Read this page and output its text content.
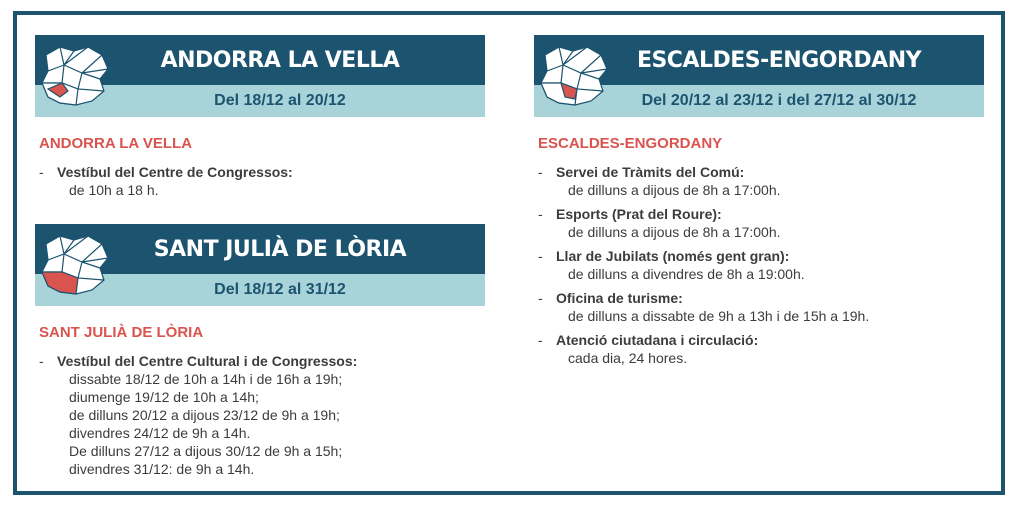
ANDORRA LA VELLA
Del 18/12 al 20/12
ANDORRA LA VELLA
- Vestíbul del Centre de Congressos:
de 10h a 18 h.
SANT JULIÀ DE LÒRIA
Del 18/12 al 31/12
SANT JULIÀ DE LÒRIA
- Vestíbul del Centre Cultural i de Congressos:
dissabte 18/12 de 10h a 14h i de 16h a 19h;
diumenge 19/12 de 10h a 14h;
de dilluns 20/12 a dijous 23/12 de 9h a 19h;
divendres 24/12 de 9h a 14h.
De dilluns 27/12 a dijous 30/12 de 9h a 15h;
divendres 31/12: de 9h a 14h.
ESCALDES-ENGORDANY
Del 20/12 al 23/12 i del 27/12 al 30/12
ESCALDES-ENGORDANY
- Servei de Tràmits del Comú:
de dilluns a dijous de 8h a 17:00h.
- Esports (Prat del Roure):
de dilluns a dijous de 8h a 17:00h.
- Llar de Jubilats (només gent gran):
de dilluns a divendres de 8h a 19:00h.
- Oficina de turisme:
de dilluns a dissabte de 9h a 13h i de 15h a 19h.
- Atenció ciutadana i circulació:
cada dia, 24 hores.
